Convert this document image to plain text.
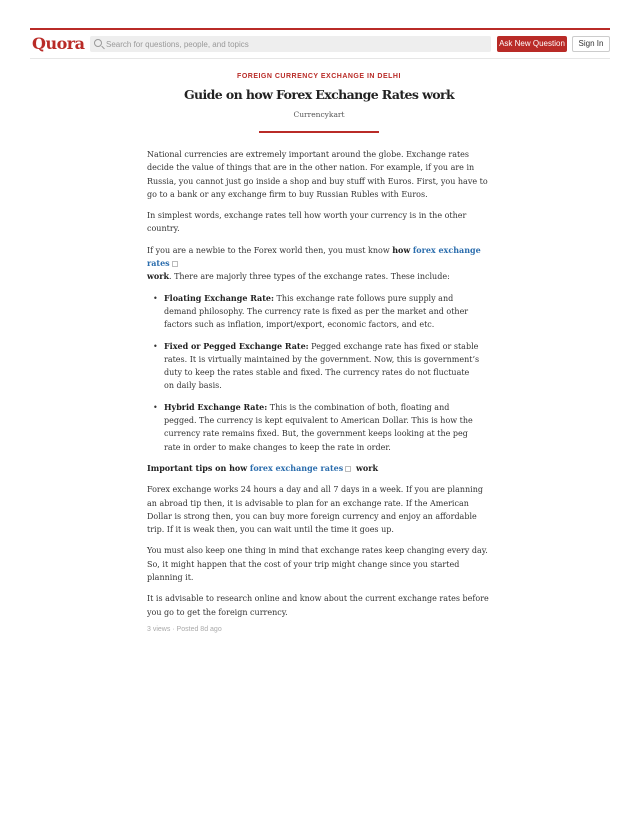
Quora
Search for questions, people, and topics	Ask New Question	Sign In
FOREIGN CURRENCY EXCHANGE IN DELHI
Guide on how Forex Exchange Rates work
Currencykart

National currencies are extremely important around the globe. Exchange rates decide the value of things that are in the other nation. For example, if you are in Russia, you cannot just go inside a shop and buy stuff with Euros. First, you have to go to a bank or any exchange firm to buy Russian Rubles with Euros.

In simplest words, exchange rates tell how worth your currency is in the other country.

If you are a newbie to the Forex world then, you must know how forex exchange rates
work. There are majorly three types of the exchange rates. These include:

• Floating Exchange Rate: This exchange rate follows pure supply and demand philosophy. The currency rate is fixed as per the market and other factors such as inflation, import/export, economic factors, and etc.
• Fixed or Pegged Exchange Rate: Pegged exchange rate has fixed or stable rates. It is virtually maintained by the government. Now, this is government’s duty to keep the rates stable and fixed. The currency rates do not fluctuate on daily basis.
• Hybrid Exchange Rate: This is the combination of both, floating and pegged. The currency is kept equivalent to American Dollar. This is how the currency rate remains fixed. But, the government keeps looking at the peg rate in order to make changes to keep the rate in order.

Important tips on how forex exchange rates work

Forex exchange works 24 hours a day and all 7 days in a week. If you are planning an abroad tip then, it is advisable to plan for an exchange rate. If the American Dollar is strong then, you can buy more foreign currency and enjoy an affordable trip. If it is weak then, you can wait until the time it goes up.

You must also keep one thing in mind that exchange rates keep changing every day. So, it might happen that the cost of your trip might change since you started planning it.

It is advisable to research online and know about the current exchange rates before you go to get the foreign currency.

3 views · Posted 8d ago
